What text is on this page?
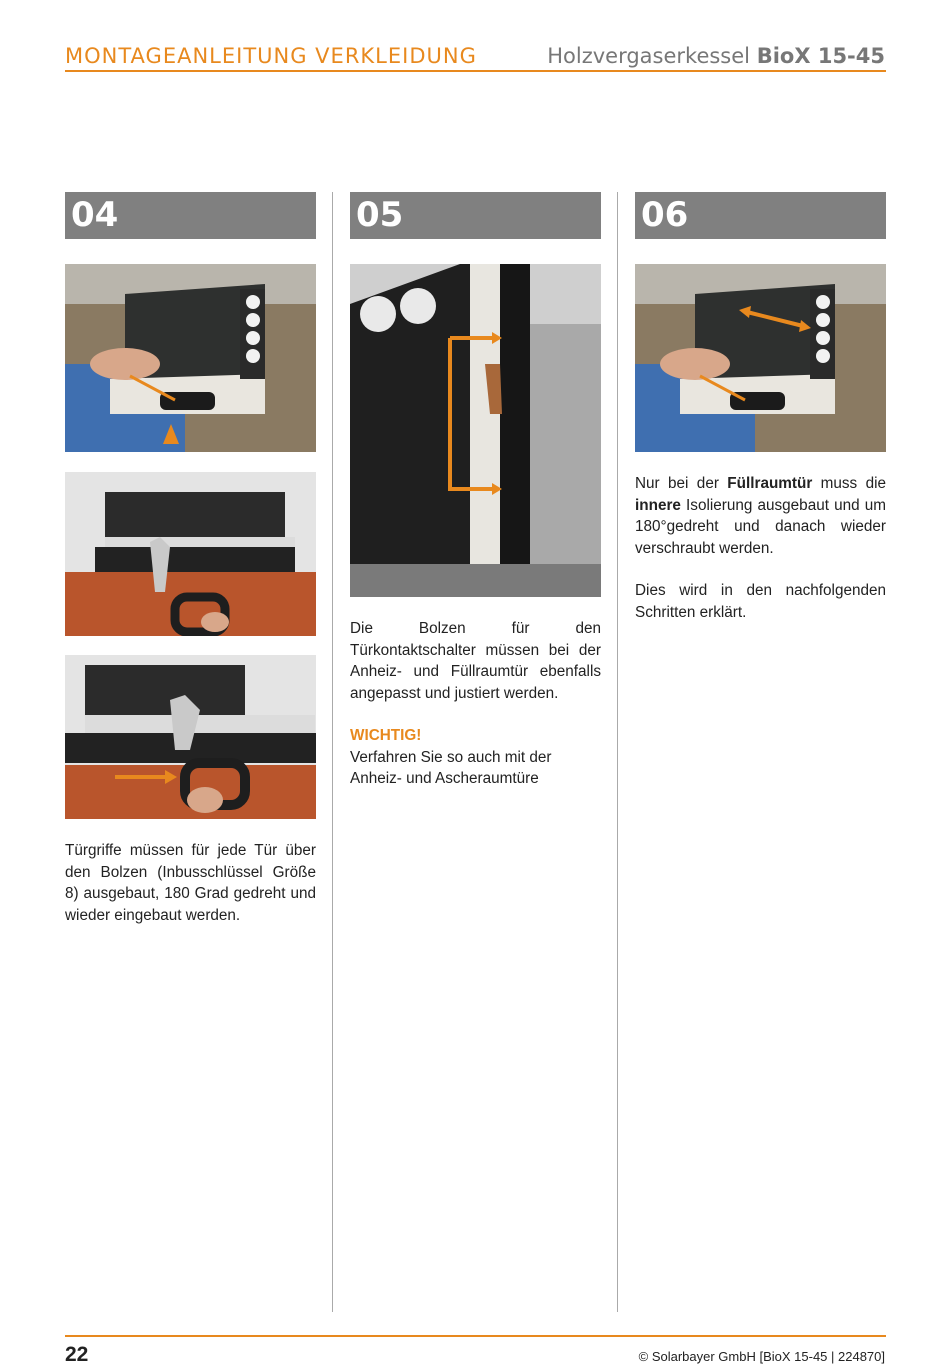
MONTAGEANLEITUNG VERKLEIDUNG	Holzvergaserkessel BioX 15-45
04	05	06

Türgriffe müssen für jede Tür über den Bolzen (Inbusschlüssel Größe 8) ausgebaut, 180 Grad gedreht und wieder eingebaut werden.

Die Bolzen für den Türkontaktschalter müssen bei der Anheiz- und Füllraumtür ebenfalls angepasst und justiert werden.

WICHTIG!

Verfahren Sie so auch mit der Anheiz- und Ascheraumtüre

Nur bei der Füllraumtür muss die innere Isolierung ausgebaut und um 180°gedreht und danach wieder verschraubt werden.

Dies wird in den nachfolgenden Schritten erklärt.

22	© Solarbayer GmbH [BioX 15-45 | 224870]
